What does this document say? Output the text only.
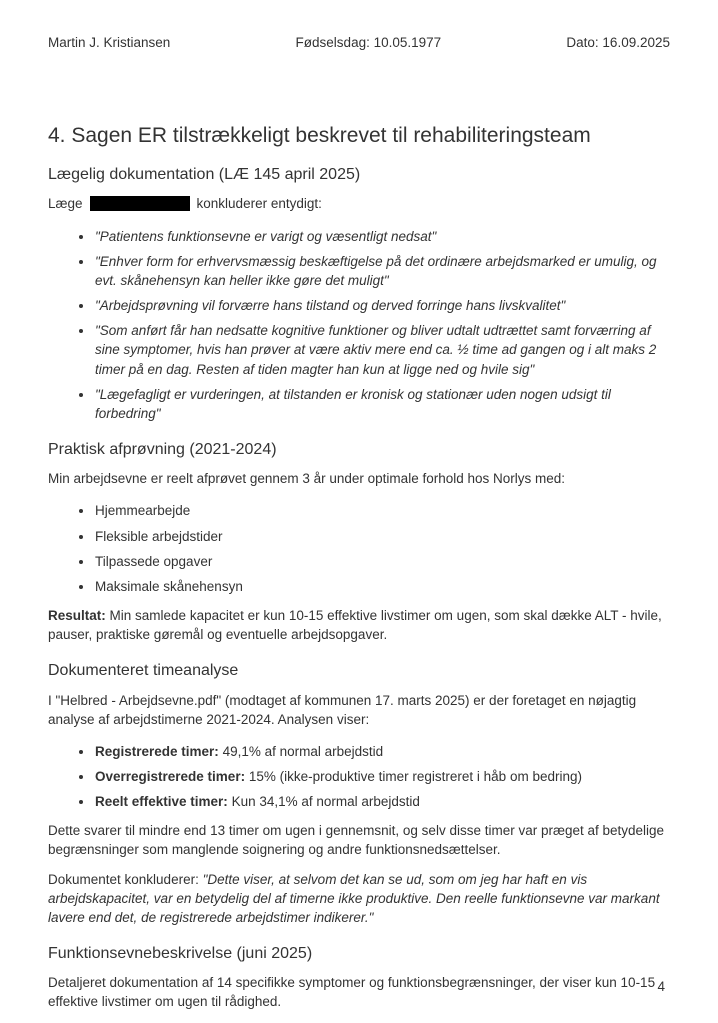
Martin J. Kristiansen	Fødselsdag: 10.05.1977	Dato: 16.09.2025
4. Sagen ER tilstrækkeligt beskrevet til rehabiliteringsteam
Lægelig dokumentation (LÆ 145 april 2025)

Læge	konkluderer entydigt:

• "Patientens funktionsevne er varigt og væsentligt nedsat"
• "Enhver form for erhvervsmæssig beskæftigelse på det ordinære arbejdsmarked er umulig, og evt. skånehensyn kan heller ikke gøre det muligt"
• "Arbejdsprøvning vil forværre hans tilstand og derved forringe hans livskvalitet"
• "Som anført får han nedsatte kognitive funktioner og bliver udtalt udtrættet samt forværring af sine symptomer, hvis han prøver at være aktiv mere end ca. ½ time ad gangen og i alt maks 2 timer på en dag. Resten af tiden magter han kun at ligge ned og hvile sig"
• "Lægefagligt er vurderingen, at tilstanden er kronisk og stationær uden nogen udsigt til forbedring"
Praktisk afprøvning (2021-2024)

Min arbejdsevne er reelt afprøvet gennem 3 år under optimale forhold hos Norlys med:

• Hjemmearbejde
• Fleksible arbejdstider
• Tilpassede opgaver
• Maksimale skånehensyn

Resultat: Min samlede kapacitet er kun 10-15 effektive livstimer om ugen, som skal dække ALT - hvile, pauser, praktiske gøremål og eventuelle arbejdsopgaver.

Dokumenteret timeanalyse

I "Helbred - Arbejdsevne.pdf" (modtaget af kommunen 17. marts 2025) er der foretaget en nøjagtig analyse af arbejdstimerne 2021-2024. Analysen viser:

• Registrerede timer: 49,1% af normal arbejdstid
• Overregistrerede timer: 15% (ikke-produktive timer registreret i håb om bedring)
• Reelt effektive timer: Kun 34,1% af normal arbejdstid

Dette svarer til mindre end 13 timer om ugen i gennemsnit, og selv disse timer var præget af betydelige begrænsninger som manglende soignering og andre funktionsnedsættelser.

Dokumentet konkluderer: "Dette viser, at selvom det kan se ud, som om jeg har haft en vis arbejdskapacitet, var en betydelig del af timerne ikke produktive. Den reelle funktionsevne var markant lavere end det, de registrerede arbejdstimer indikerer."

Funktionsevnebeskrivelse (juni 2025)

Detaljeret dokumentation af 14 specifikke symptomer og funktionsbegrænsninger, der viser kun 10-15 effektive livstimer om ugen til rådighed.

4
